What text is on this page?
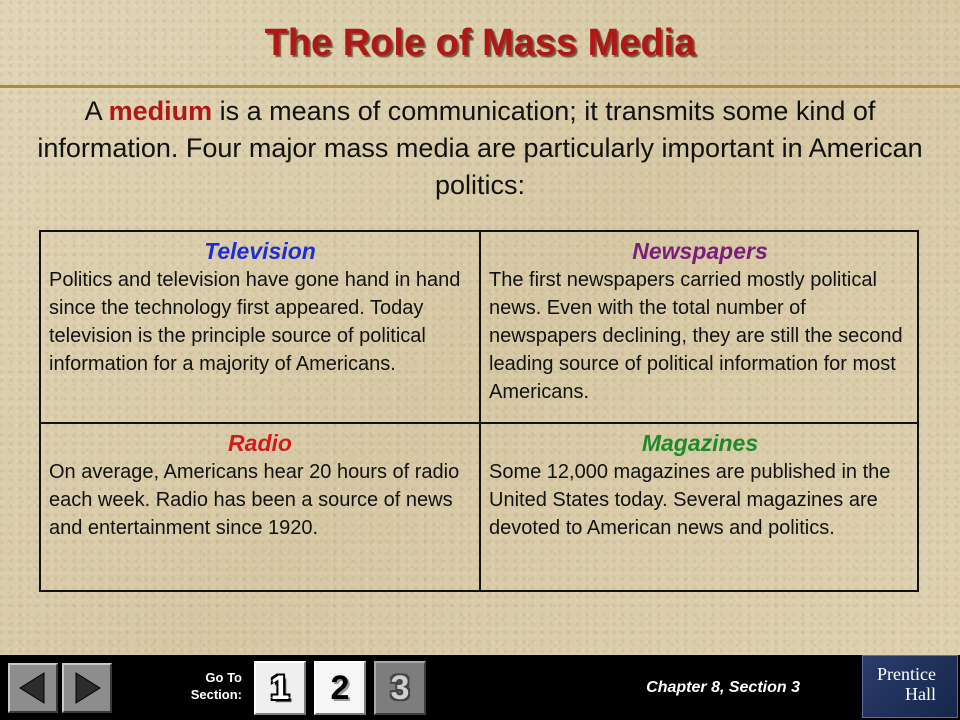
The Role of Mass Media
A medium is a means of communication; it transmits some kind of information. Four major mass media are particularly important in American politics:
Television
Politics and television have gone hand in hand since the technology first appeared. Today television is the principle source of political information for a majority of Americans.
Newspapers
The first newspapers carried mostly political news. Even with the total number of newspapers declining, they are still the second leading source of political information for most Americans.
Radio
On average, Americans hear 20 hours of radio each week. Radio has been a source of news and entertainment since 1920.
Magazines
Some 12,000 magazines are published in the United States today. Several magazines are devoted to American news and politics.
Go To
Section: 1	2	3	Chapter 8, Section 3
Prentice
Hall
